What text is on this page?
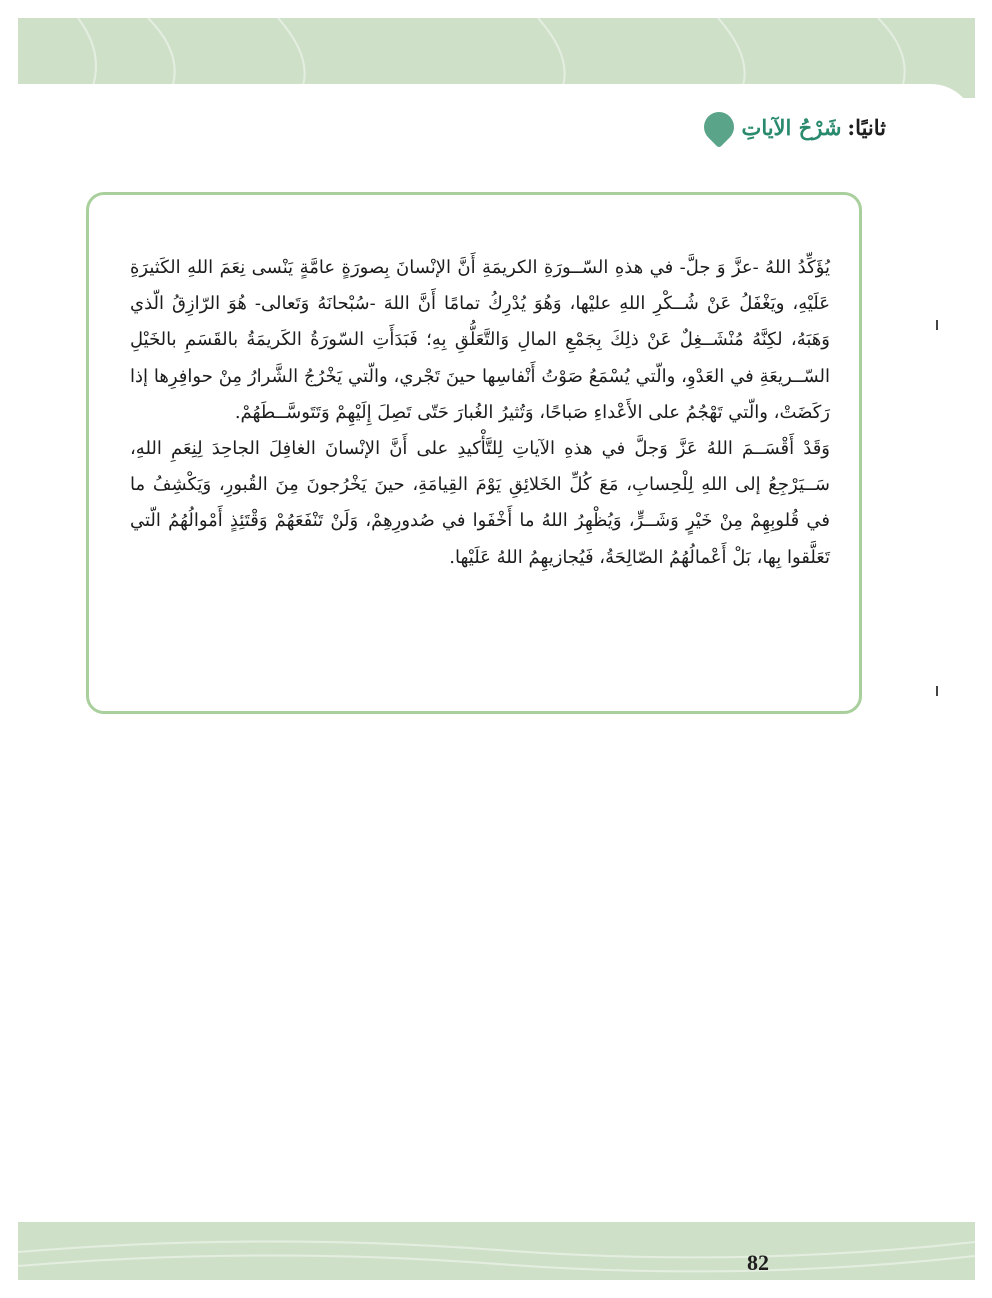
ثانيًا:
شَرْحُ الآياتِ

يُؤَكِّدُ اللهُ -عزَّ وَ جلَّ- في هذهِ السّــورَةِ الكريمَةِ أَنَّ الإنْسانَ بِصورَةٍ عامَّةٍ يَنْسى نِعَمَ اللهِ الكَثيرَةِ عَلَيْهِ، ويَغْفَلُ عَنْ شُــكْرِ اللهِ عليْها، وَهُوَ يُدْرِكُ تمامًا أَنَّ اللهَ -سُبْحانَهُ وَتَعالى- هُوَ الرّازِقُ الّذي وَهَبَهُ، لكِنَّهُ مُنْشَــغِلٌ عَنْ ذلِكَ بِجَمْعِ المالِ وَالتَّعَلُّقِ بِهِ؛ فَبَدَأَتِ السّورَةُ الكَريمَةُ بالقَسَمِ بالخَيْلِ السّــريعَةِ في العَدْوِ، والّتي يُسْمَعُ صَوْتُ أَنْفاسِها حينَ تَجْري، والّتي يَخْرُجُ الشَّرارُ مِنْ حوافِرِها إذا رَكَضَتْ، والّتي تَهْجُمُ على الأَعْداءِ صَباحًا، وَتُثيرُ الغُبارَ حَتّى تَصِلَ إِلَيْهِمْ وَتَتَوسَّــطَهُمْ.

وَقَدْ أَقْسَــمَ اللهُ عَزَّ وَجلَّ في هذهِ الآياتِ لِلتَّأْكيدِ على أَنَّ الإنْسانَ الغافِلَ الجاحِدَ لِنِعَمِ اللهِ، سَــيَرْجِعُ إلى اللهِ لِلْحِسابِ، مَعَ كُلِّ الخَلائِقِ يَوْمَ القِيامَةِ، حينَ يَخْرُجونَ مِنَ القُبورِ، وَيَكْشِفُ ما في قُلوبِهِمْ مِنْ خَيْرٍ وَشَــرٍّ، وَيُظْهِرُ اللهُ ما أَخْفَوا في صُدورِهِمْ، وَلَنْ تَنْفَعَهُمْ وَقْتَئِذٍ أَمْوالُهُمُ الّتي تَعَلَّقوا بِها، بَلْ أَعْمالُهُمُ الصّالِحَةُ، فَيُجازيهِمُ اللهُ عَلَيْها.

82
